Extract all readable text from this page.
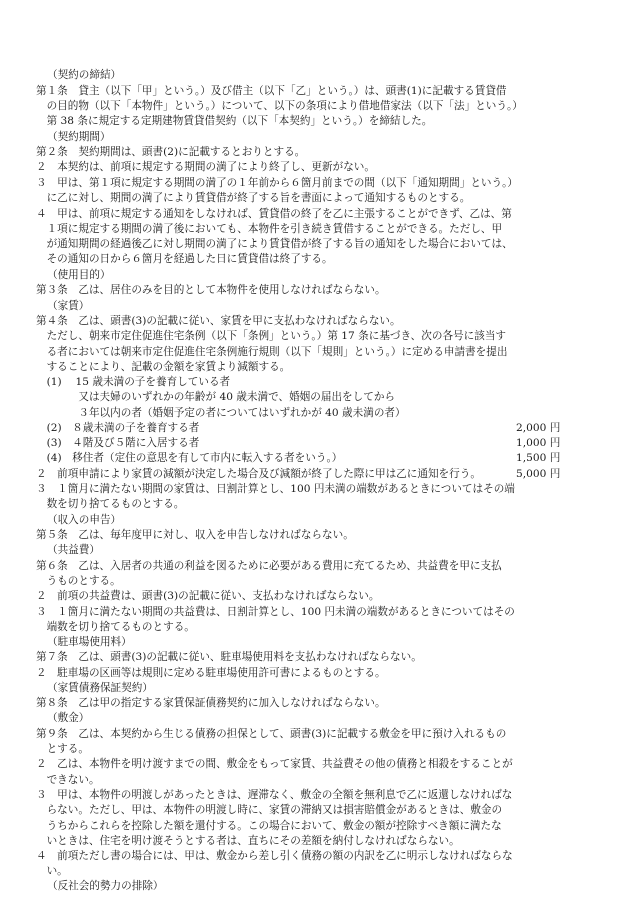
（契約の締結）
第１条　貸主（以下「甲」という。）及び借主（以下「乙」という。）は、頭書(1)に記載する賃貸借
　の目的物（以下「本物件」という。）について、以下の条項により借地借家法（以下「法」という。）
　第 38 条に規定する定期建物賃貸借契約（以下「本契約」という。）を締結した。
（契約期間）
第２条　契約期間は、頭書(2)に記載するとおりとする。
２　本契約は、前項に規定する期間の満了により終了し、更新がない。
３　甲は、第１項に規定する期間の満了の１年前から６箇月前までの間（以下「通知期間」という。）
　に乙に対し、期間の満了により賃貸借が終了する旨を書面によって通知するものとする。
４　甲は、前項に規定する通知をしなければ、賃貸借の終了を乙に主張することができず、乙は、第
　１項に規定する期間の満了後においても、本物件を引き続き賃借することができる。ただし、甲
　が通知期間の経過後乙に対し期間の満了により賃貸借が終了する旨の通知をした場合においては、
　その通知の日から６箇月を経過した日に賃貸借は終了する。
（使用目的）
第３条　乙は、居住のみを目的として本物件を使用しなければならない。
（家賃）
第４条　乙は、頭書(3)の記載に従い、家賃を甲に支払わなければならない。
　ただし、朝来市定住促進住宅条例（以下「条例」という。）第 17 条に基づき、次の各号に該当す
　る者においては朝来市定住促進住宅条例施行規則（以下「規則」という。）に定める申請書を提出
　することにより、記載の金額を家賃より減額する。
　(1)　 15 歳未満の子を養育している者
　　　　又は夫婦のいずれかの年齢が 40 歳未満で、婚姻の届出をしてから
　　　　３年以内の者（婚姻予定の者についてはいずれかが 40 歳未満の者）
　(2)　８歳未満の子を養育する者
　(3)　４階及び５階に入居する者
　(4)　移住者（定住の意思を有して市内に転入する者をいう。）
２　前項申請により家賃の減額が決定した場合及び減額が終了した際に甲は乙に通知を行う。
３　１箇月に満たない期間の家賃は、日割計算とし、100 円未満の端数があるときについてはその端
　数を切り捨てるものとする。
（収入の申告）
第５条　乙は、毎年度甲に対し、収入を申告しなければならない。
（共益費）
第６条　乙は、入居者の共通の利益を図るために必要がある費用に充てるため、共益費を甲に支払
　うものとする。
２　前項の共益費は、頭書(3)の記載に従い、支払わなければならない。
３　１箇月に満たない期間の共益費は、日割計算とし、100 円未満の端数があるときについてはその
　端数を切り捨てるものとする。
（駐車場使用料）
第７条　乙は、頭書(3)の記載に従い、駐車場使用料を支払わなければならない。
２　駐車場の区画等は規則に定める駐車場使用許可書によるものとする。
（家賃債務保証契約）
第８条　乙は甲の指定する家賃保証債務契約に加入しなければならない。
（敷金）
第９条　乙は、本契約から生じる債務の担保として、頭書(3)に記載する敷金を甲に預け入れるもの
　とする。
２　乙は、本物件を明け渡すまでの間、敷金をもって家賃、共益費その他の債務と相殺をすることが
　できない。
３　甲は、本物件の明渡しがあったときは、遅滞なく、敷金の全額を無利息で乙に返還しなければな
　らない。ただし、甲は、本物件の明渡し時に、家賃の滞納又は損害賠償金があるときは、敷金の
　うちからこれらを控除した額を還付する。この場合において、敷金の額が控除すべき額に満たな
　いときは、住宅を明け渡そうとする者は、直ちにその差額を納付しなければならない。
４　前項ただし書の場合には、甲は、敷金から差し引く債務の額の内訳を乙に明示しなければならな
　い。
（反社会的勢力の排除）
2,000 円
1,000 円
1,500 円
5,000 円
